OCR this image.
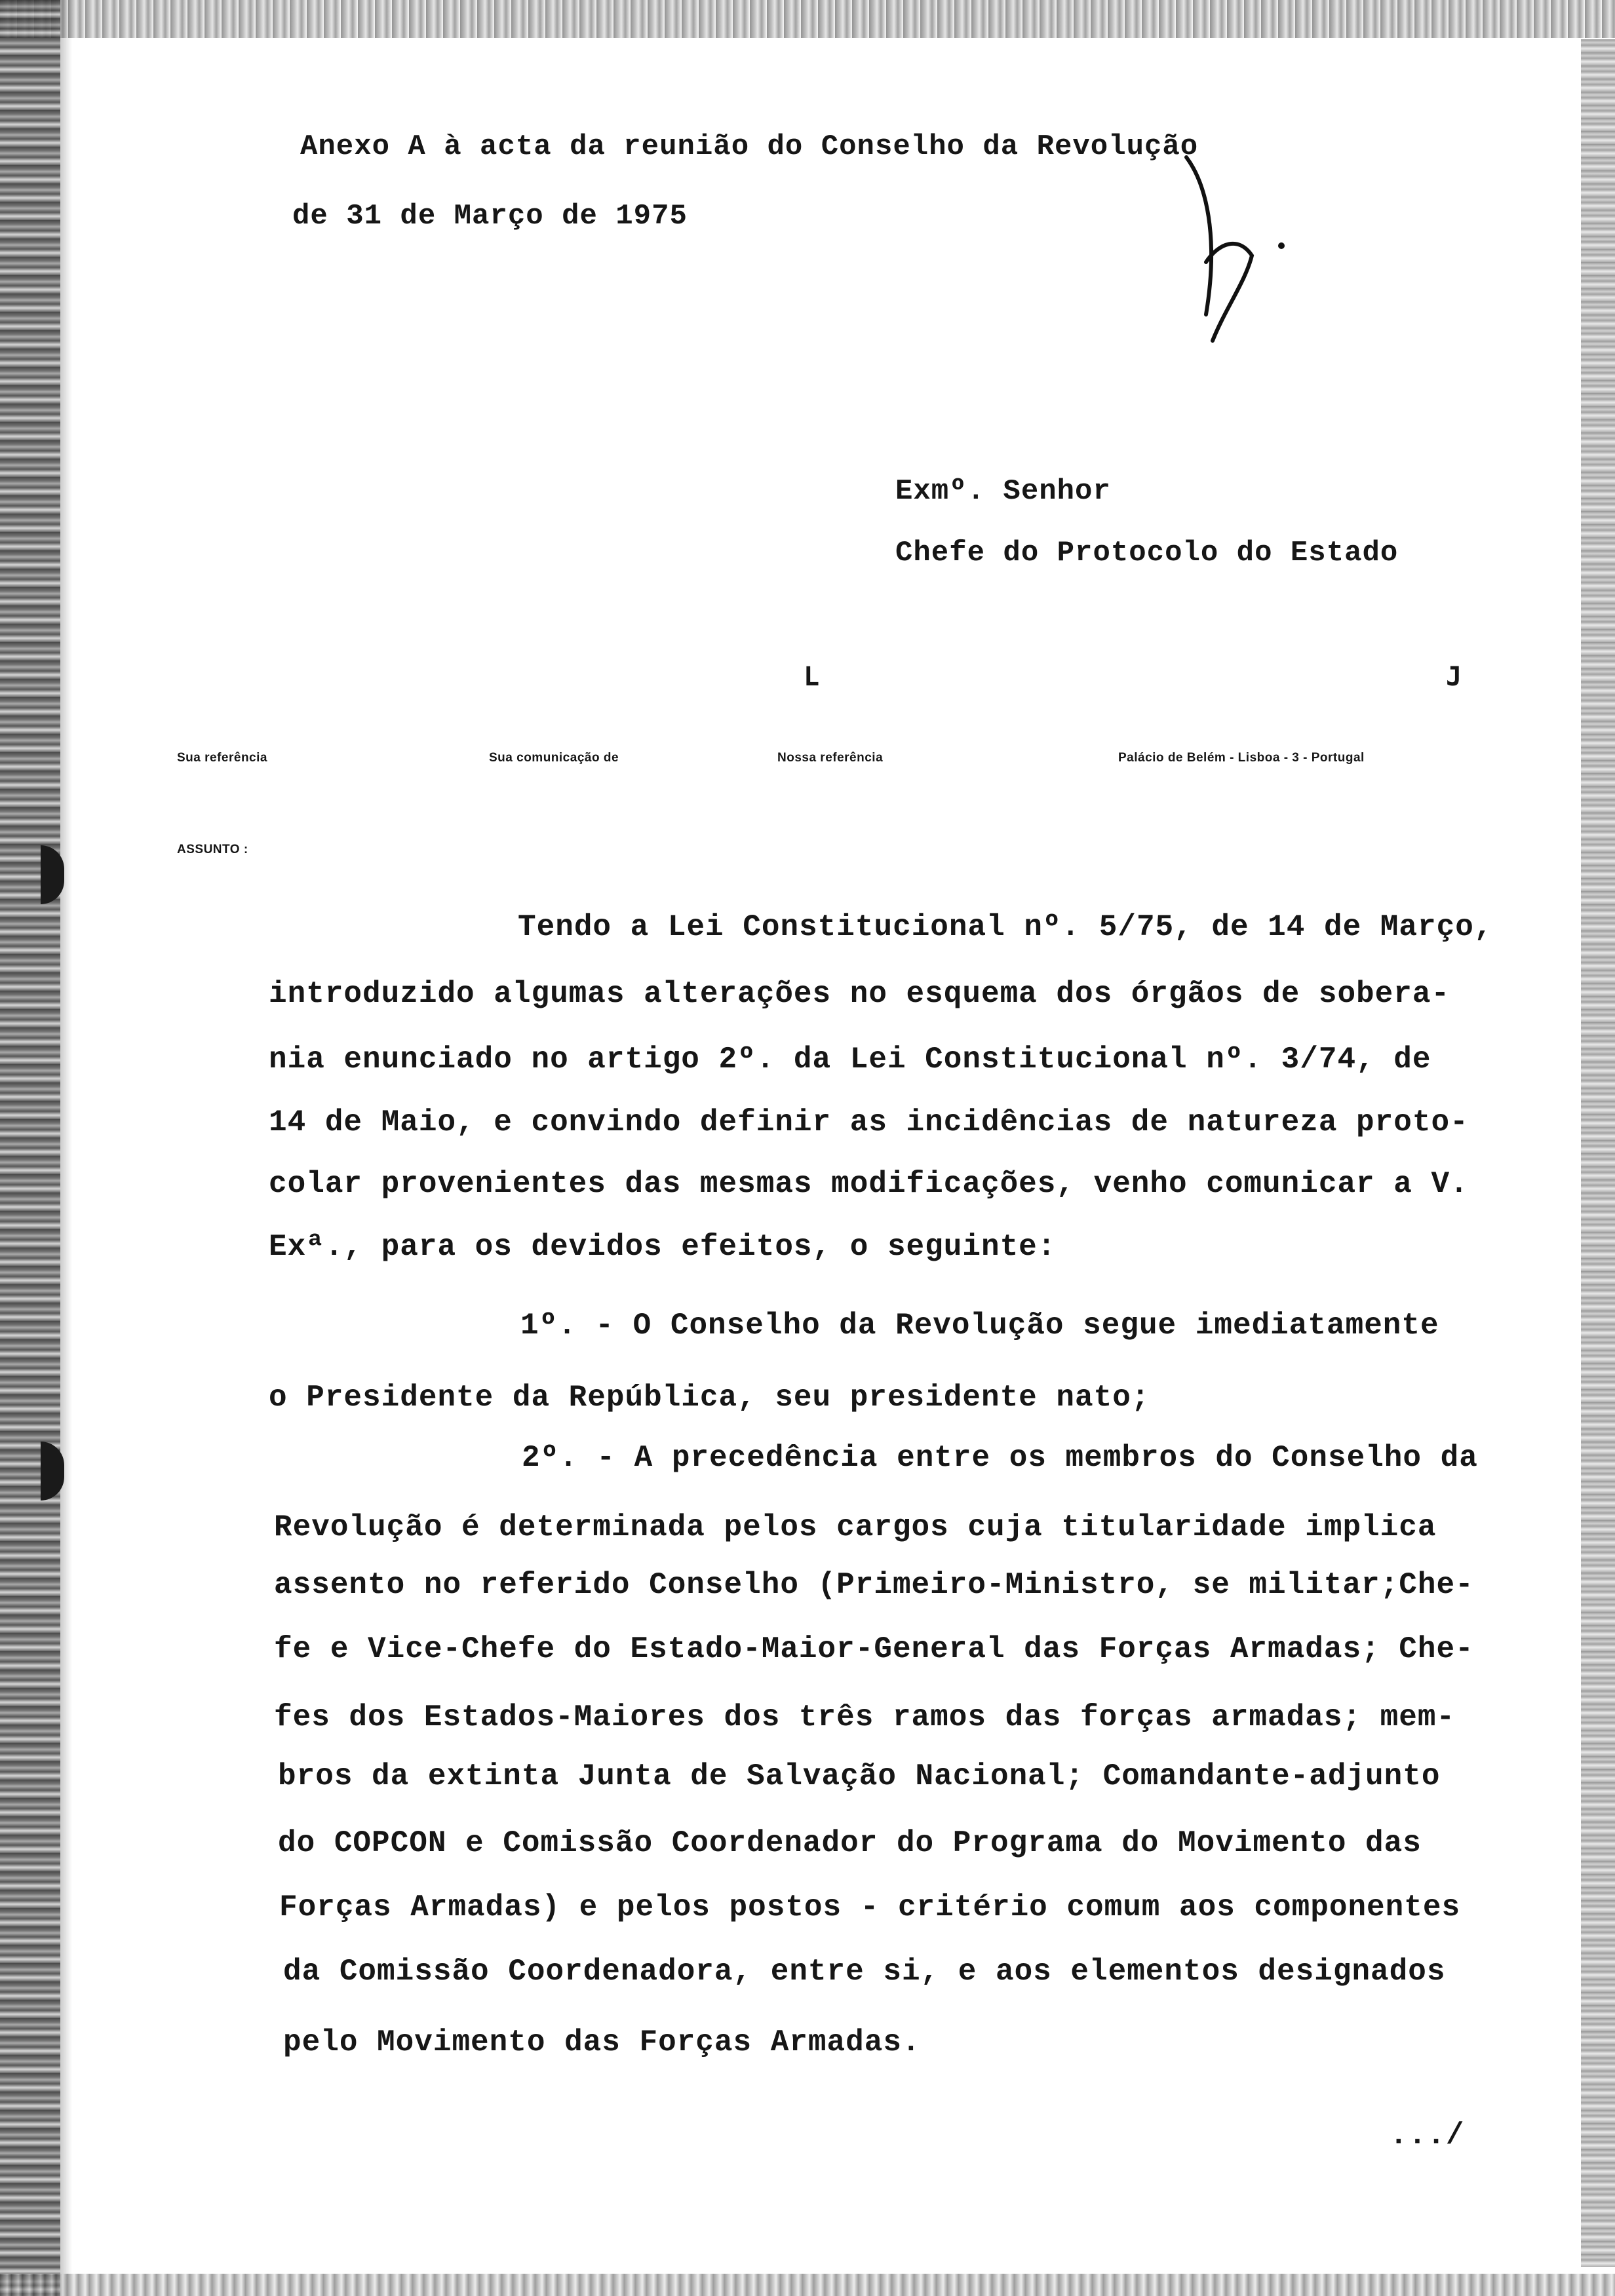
Anexo A à acta da reunião do Conselho da Revolução
de 31 de Março de 1975
Exmº. Senhor
Chefe do Protocolo do Estado
L	J
Sua referência	Sua comunicação de	Nossa referência	Palácio de Belém - Lisboa - 3 - Portugal
ASSUNTO :
Tendo a Lei Constitucional nº. 5/75, de 14 de Março,
introduzido algumas alterações no esquema dos órgãos de sobera-
nia enunciado no artigo 2º. da Lei Constitucional nº. 3/74, de
14 de Maio, e convindo definir as incidências de natureza proto-
colar provenientes das mesmas modificações, venho comunicar a V.
Exª., para os devidos efeitos, o seguinte:
1º. - O Conselho da Revolução segue imediatamente
o Presidente da República, seu presidente nato;
2º. - A precedência entre os membros do Conselho da
Revolução é determinada pelos cargos cuja titularidade implica
assento no referido Conselho (Primeiro-Ministro, se militar;Che-
fe e Vice-Chefe do Estado-Maior-General das Forças Armadas; Che-
fes dos Estados-Maiores dos três ramos das forças armadas; mem-
bros da extinta Junta de Salvação Nacional; Comandante-adjunto
do COPCON e Comissão Coordenador do Programa do Movimento das
Forças Armadas) e pelos postos - critério comum aos componentes
da Comissão Coordenadora, entre si, e aos elementos designados
pelo Movimento das Forças Armadas.
.../
